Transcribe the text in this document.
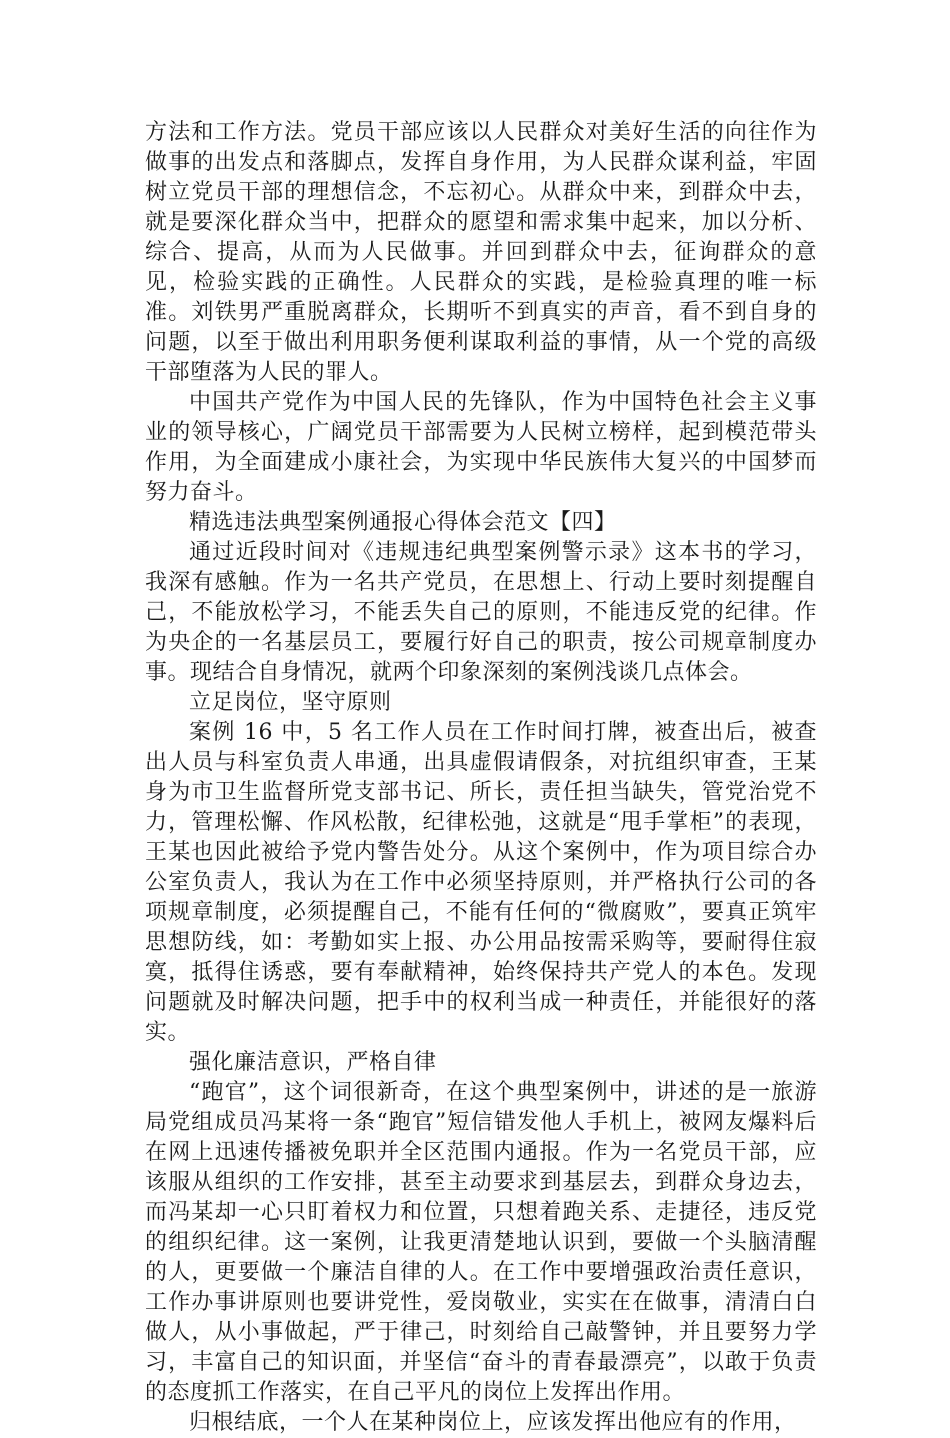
方法和工作方法。党员干部应该以人民群众对美好生活的向往作为做事的出发点和落脚点，发挥自身作用，为人民群众谋利益，牢固树立党员干部的理想信念，不忘初心。从群众中来，到群众中去，就是要深化群众当中，把群众的愿望和需求集中起来，加以分析、综合、提高，从而为人民做事。并回到群众中去，征询群众的意见，检验实践的正确性。人民群众的实践，是检验真理的唯一标准。刘铁男严重脱离群众，长期听不到真实的声音，看不到自身的问题，以至于做出利用职务便利谋取利益的事情，从一个党的高级干部堕落为人民的罪人。

中国共产党作为中国人民的先锋队，作为中国特色社会主义事业的领导核心，广阔党员干部需要为人民树立榜样，起到模范带头作用，为全面建成小康社会，为实现中华民族伟大复兴的中国梦而努力奋斗。

精选违法典型案例通报心得体会范文【四】

通过近段时间对《违规违纪典型案例警示录》这本书的学习，我深有感触。作为一名共产党员，在思想上、行动上要时刻提醒自己，不能放松学习，不能丢失自己的原则，不能违反党的纪律。作为央企的一名基层员工，要履行好自己的职责，按公司规章制度办事。现结合自身情况，就两个印象深刻的案例浅谈几点体会。

立足岗位，坚守原则

案例 16 中，5 名工作人员在工作时间打牌，被查出后，被查出人员与科室负责人串通，出具虚假请假条，对抗组织审查，王某身为市卫生监督所党支部书记、所长，责任担当缺失，管党治党不力，管理松懈、作风松散，纪律松弛，这就是“甩手掌柜”的表现，王某也因此被给予党内警告处分。从这个案例中，作为项目综合办公室负责人，我认为在工作中必须坚持原则，并严格执行公司的各项规章制度，必须提醒自己，不能有任何的“微腐败”，要真正筑牢思想防线，如：考勤如实上报、办公用品按需采购等，要耐得住寂寞，抵得住诱惑，要有奉献精神，始终保持共产党人的本色。发现问题就及时解决问题，把手中的权利当成一种责任，并能很好的落实。

强化廉洁意识，严格自律

“跑官”，这个词很新奇，在这个典型案例中，讲述的是一旅游局党组成员冯某将一条“跑官”短信错发他人手机上，被网友爆料后在网上迅速传播被免职并全区范围内通报。作为一名党员干部，应该服从组织的工作安排，甚至主动要求到基层去，到群众身边去，而冯某却一心只盯着权力和位置，只想着跑关系、走捷径，违反党的组织纪律。这一案例，让我更清楚地认识到，要做一个头脑清醒的人，更要做一个廉洁自律的人。在工作中要增强政治责任意识，工作办事讲原则也要讲党性，爱岗敬业，实实在在做事，清清白白做人，从小事做起，严于律己，时刻给自己敲警钟，并且要努力学习，丰富自己的知识面，并坚信“奋斗的青春最漂亮”，以敢于负责的态度抓工作落实，在自己平凡的岗位上发挥出作用。

归根结底，一个人在某种岗位上，应该发挥出他应有的作用，
